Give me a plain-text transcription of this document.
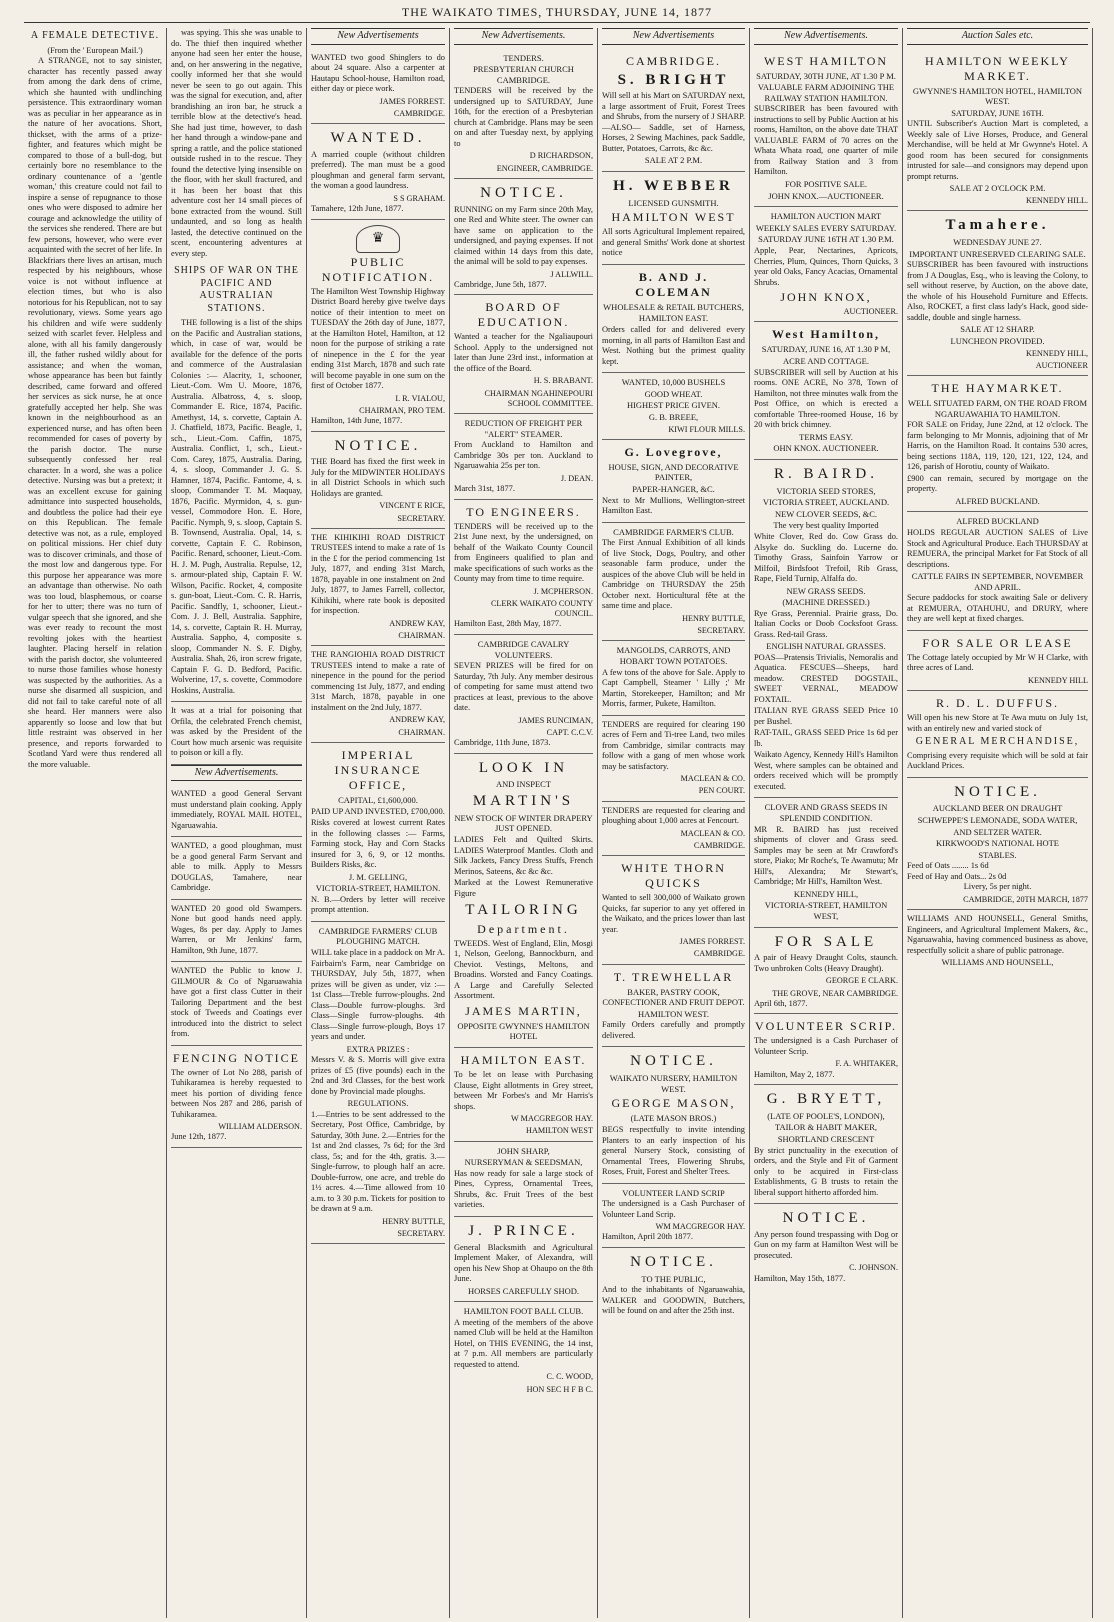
THE WAIKATO TIMES, THURSDAY, JUNE 14, 1877
A FEMALE DETECTIVE.
(From the ' European Mail.')

A STRANGE, not to say sinister, character has recently passed away from among the dark dens of crime, which she haunted with undlinching persistence. This extraordinary woman was as peculiar in her appearance as in the nature of her avocations. Short, thickset, with the arms of a prize-fighter, and features which might be compared to those of a bull-dog, but certainly bore no resemblance to the ordinary countenance of a 'gentle woman,' this creature could not fail to inspire a sense of repugnance to those ones who were disposed to admire her courage and acknowledge the utility of the services she rendered. There are but few persons, however, who were ever acquainted with the secret of her life. In Blackfriars there lives an artisan, much respected by his neighbours, whose voice is not without influence at election times, but who is also notorious for his Republican, not to say revolutionary, views. Some years ago his children and wife were suddenly seized with scarlet fever. Helpless and alone, with all his family dangerously ill, the father rushed wildly about for assistance; and when the woman, whose appearance has been but faintly described, came forward and offered her services as sick nurse, he at once gratefully accepted her help. She was known in the neighbourhood as an experienced nurse, and has often been recommended for cases of poverty by the parish doctor. The nurse subsequently confessed her real character. In a word, she was a police detective. Nursing was but a pretext; it was an excellent excuse for gaining admittance into suspected households, and doubtless the police had their eye on this Republican. The female detective was not, as a rule, employed on political missions. Her chief duty was to discover criminals, and those of the most low and dangerous type. For this purpose her appearance was more an advantage than otherwise. No oath was too loud, blasphemous, or coarse for her to utter; there was no turn of vulgar speech that she ignored, and she was ever ready to recount the most revolting jokes with the heartiest laughter. Placing herself in relation with the parish doctor, she volunteered to nurse those families whose honesty was suspected by the authorities. As a nurse she disarmed all suspicion, and did not fail to take careful note of all she heard. Her manners were also apparently so loose and low that but little restraint was observed in her presence, and reports forwarded to Scotland Yard were thus rendered all the more valuable.

was spying. This she was unable to do. The thief then inquired whether anyone had seen her enter the house, and, on her answering in the negative, coolly informed her that she would never be seen to go out again. This was the signal for execution, and, after brandishing an iron bar, he struck a terrible blow at the detective's head. She had just time, however, to dash her hand through a window-pane and spring a rattle, and the police stationed outside rushed in to the rescue. They found the detective lying insensible on the floor, with her skull fractured, and it has been her boast that this adventure cost her 14 small pieces of bone extracted from the wound. Still undaunted, and so long as health lasted, the detective continued on the scent, encountering adventures at every step.

SHIPS OF WAR ON THE PACIFIC AND AUSTRALIAN STATIONS.

THE following is a list of the ships on the Pacific and Australian stations, which, in case of war, would be available for the defence of the ports and commerce of the Australasian Colonies :— Alacrity, 1, schooner, Lieut.-Com. Wm U. Moore, 1876, Australia. Albatross, 4, s. sloop, Commander E. Rice, 1874, Pacific. Amethyst, 14, s. corvette, Captain A. J. Chatfield, 1873, Pacific. Beagle, 1, sch., Lieut.-Com. Caffin, 1875, Australia. Conflict, 1, sch., Lieut.-Com. Carey, 1875, Australia. Daring, 4, s. sloop, Commander J. G. S. Hamner, 1874, Pacific. Fantome, 4, s. sloop, Commander T. M. Maquay, 1876, Pacific. Myrmidon, 4, s. gun-vessel, Commodore Hon. E. Hore, Pacific. Nymph, 9, s. sloop, Captain S. B. Townsend, Australia. Opal, 14, s. corvette, Captain F. C. Robinson, Pacific. Renard, schooner, Lieut.-Com. H. J. M. Pugh, Australia. Repulse, 12, s. armour-plated ship, Captain F. W. Wilson, Pacific. Rocket, 4, composite s. gun-boat, Lieut.-Com. C. R. Harris, Pacific. Sandfly, 1, schooner, Lieut.-Com. J. J. Bell, Australia. Sapphire, 14, s. corvette, Captain R. H. Murray, Australia. Sappho, 4, composite s. sloop, Commander N. S. F. Digby, Australia. Shah, 26, iron screw frigate, Captain F. G. D. Bedford, Pacific. Wolverine, 17, s. covette, Commodore Hoskins, Australia.

It was at a trial for poisoning that Orfila, the celebrated French chemist, was asked by the President of the Court how much arsenic was requisite to poison or kill a fly.

New Advertisements.

WANTED a good General Servant must understand plain cooking. Apply immediately, ROYAL MAIL HOTEL, Ngaruawahia.

WANTED, a good ploughman, must be a good general Farm Servant and able to milk. Apply to Messrs DOUGLAS, Tamahere, near Cambridge.

WANTED 20 good old Swampers. None but good hands need apply. Wages, 8s per day. Apply to James Warren, or Mr Jenkins' farm, Hamilton, 9th June, 1877.

WANTED the Public to know J. GILMOUR & Co of Ngaruawahia have got a first class Cutter in their Tailoring Department and the best stock of Tweeds and Coatings ever introduced into the district to select from.

FENCING NOTICE

The owner of Lot No 288, parish of Tuhikaramea is hereby requested to meet his portion of dividing fence between Nos 287 and 286, parish of Tuhikaramea.

WILLIAM ALDERSON.
June 12th, 1877.
New Advertisements

WANTED two good Shinglers to do about 24 square. Also a carpenter at Hautapu School-house, Hamilton road, either day or piece work.

JAMES FORREST.
CAMBRIDGE.
WANTED.

A married couple (without children preferred). The man must be a good ploughman and general farm servant, the woman a good laundress.

S S GRAHAM.
Tamahere, 12th June, 1877.
♛
PUBLIC NOTIFICATION.

The Hamilton West Township Highway District Board hereby give twelve days notice of their intention to meet on TUESDAY the 26th day of June, 1877, at the Hamilton Hotel, Hamilton, at 12 noon for the purpose of striking a rate of ninepence in the £ for the year ending 31st March, 1878 and such rate will become payable in one sum on the first of October 1877.

I. R. VIALOU,
CHAIRMAN, PRO TEM.
Hamilton, 14th June, 1877.
NOTICE.

THE Board has fixed the first week in July for the MIDWINTER HOLIDAYS in all District Schools in which such Holidays are granted.

VINCENT E RICE,
SECRETARY.

THE KIHIKIHI ROAD DISTRICT TRUSTEES intend to make a rate of 1s in the £ for the period commencing 1st July, 1877, and ending 31st March, 1878, payable in one instalment on 2nd July, 1877, to James Farrell, collector, Kihikihi, where rate book is deposited for inspection.

ANDREW KAY,
CHAIRMAN.

THE RANGIOHIA ROAD DISTRICT TRUSTEES intend to make a rate of ninepence in the pound for the period commencing 1st July, 1877, and ending 31st March, 1878, payable in one instalment on the 2nd July, 1877.

ANDREW KAY,
CHAIRMAN.
IMPERIAL INSURANCE OFFICE,
CAPITAL, £1,600,000.
PAID UP AND INVESTED, £700,000.

Risks covered at lowest current Rates in the following classes :— Farms, Farming stock, Hay and Corn Stacks insured for 3, 6, 9, or 12 months. Builders Risks, &c.

J. M. GELLING,
VICTORIA-STREET, HAMILTON.

N. B.—Orders by letter will receive prompt attention.

CAMBRIDGE FARMERS' CLUB PLOUGHING MATCH.

WILL take place in a paddock on Mr A. Fairbairn's Farm, near Cambridge on THURSDAY, July 5th, 1877, when prizes will be given as under, viz :— 1st Class—Treble furrow-ploughs. 2nd Class—Double furrow-ploughs. 3rd Class—Single furrow-ploughs. 4th Class—Single furrow-plough, Boys 17 years and under.

EXTRA PRIZES :

Messrs V. & S. Morris will give extra prizes of £5 (five pounds) each in the 2nd and 3rd Classes, for the best work done by Provincial made ploughs.

REGULATIONS.

1.—Entries to be sent addressed to the Secretary, Post Office, Cambridge, by Saturday, 30th June. 2.—Entries for the 1st and 2nd classes, 7s 6d; for the 3rd class, 5s; and for the 4th, gratis. 3.—Single-furrow, to plough half an acre. Double-furrow, one acre, and treble do 1½ acres. 4.—Time allowed from 10 a.m. to 3 30 p.m. Tickets for position to be drawn at 9 a.m.

HENRY BUTTLE,
SECRETARY.
New Advertisements.
TENDERS.
PRESBYTERIAN CHURCH CAMBRIDGE.

TENDERS will be received by the undersigned up to SATURDAY, June 16th, for the erection of a Presbyterian church at Cambridge. Plans may be seen on and after Tuesday next, by applying to

D RICHARDSON,
ENGINEER, CAMBRIDGE.
NOTICE.

RUNNING on my Farm since 20th May, one Red and White steer. The owner can have same on application to the undersigned, and paying expenses. If not claimed within 14 days from this date, the animal will be sold to pay expenses.

J ALLWILL.
Cambridge, June 5th, 1877.
BOARD OF EDUCATION.

Wanted a teacher for the Ngaliaupouri School. Apply to the undersigned not later than June 23rd inst., information at the office of the Board.

H. S. BRABANT.
CHAIRMAN NGAHINEPOURI SCHOOL COMMITTEE.
REDUCTION OF FREIGHT PER "ALERT" STEAMER.

From Auckland to Hamilton and Cambridge 30s per ton. Auckland to Ngaruawahia 25s per ton.

J. DEAN.
March 31st, 1877.
TO ENGINEERS.

TENDERS will be received up to the 21st June next, by the undersigned, on behalf of the Waikato County Council from Engineers qualified to plan and make specifications of such works as the County may from time to time require.

J. MCPHERSON.
CLERK WAIKATO COUNTY COUNCIL.
Hamilton East, 28th May, 1877.
CAMBRIDGE CAVALRY VOLUNTEERS.

SEVEN PRIZES will be fired for on Saturday, 7th July. Any member desirous of competing for same must attend two practices at least, previous to the above date.

JAMES RUNCIMAN,
CAPT. C.C.V.
Cambridge, 11th June, 1873.
LOOK IN
AND INSPECT
MARTIN'S
NEW STOCK OF WINTER DRAPERY JUST OPENED.

LADIES Felt and Quilted Skirts. LADIES Waterproof Mantles. Cloth and Silk Jackets, Fancy Dress Stuffs, French Merinos, Sateens, &c &c &c.

Marked at the Lowest Remunerative Figure

TAILORING
Department.

TWEEDS. West of England, Elin, Mosgi 1, Nelson, Geelong, Bannockburn, and Cheviot. Vestings, Meltons, and Broadins. Worsted and Fancy Coatings. A Large and Carefully Selected Assortment.

JAMES MARTIN,
OPPOSITE GWYNNE'S HAMILTON HOTEL
HAMILTON EAST.

To be let on lease with Purchasing Clause, Eight allotments in Grey street, between Mr Forbes's and Mr Harris's shops.

W MACGREGOR HAY.
HAMILTON WEST
JOHN SHARP,
NURSERYMAN & SEEDSMAN,

Has now ready for sale a large stock of Pines, Cypress, Ornamental Trees, Shrubs, &c. Fruit Trees of the best varieties.

J. PRINCE.

General Blacksmith and Agricultural Implement Maker, of Alexandra, will open his New Shop at Ohaupo on the 8th June.

HORSES CAREFULLY SHOD.
HAMILTON FOOT BALL CLUB.

A meeting of the members of the above named Club will be held at the Hamilton Hotel, on THIS EVENING, the 14 inst, at 7 p.m. All members are particularly requested to attend.

C. C. WOOD,
HON SEC H F B C.
New Advertisements
CAMBRIDGE.
S. BRIGHT

Will sell at his Mart on SATURDAY next, a large assortment of Fruit, Forest Trees and Shrubs, from the nursery of J SHARP. —ALSO— Saddle, set of Harness, Horses, 2 Sewing Machines, pack Saddle, Butter, Potatoes, Carrots, &c &c.

SALE AT 2 P.M.
H. WEBBER
LICENSED GUNSMITH.
HAMILTON WEST

All sorts Agricultural Implement repaired, and general Smiths' Work done at shortest notice

B. AND J. COLEMAN
WHOLESALE & RETAIL BUTCHERS,
HAMILTON EAST.

Orders called for and delivered every morning, in all parts of Hamilton East and West. Nothing but the primest quality kept.

WANTED, 10,000 BUSHELS
GOOD WHEAT.
HIGHEST PRICE GIVEN.
G. B. BREEE,
KIWI FLOUR MILLS.
G. Lovegrove,
HOUSE, SIGN, AND DECORATIVE PAINTER,
PAPER-HANGER, &C.

Next to Mr Mullions, Wellington-street Hamilton East.

CAMBRIDGE FARMER'S CLUB.

The First Annual Exhibition of all kinds of live Stock, Dogs, Poultry, and other seasonable farm produce, under the auspices of the above Club will be held in Cambridge on THURSDAY the 25th October next. Horticultural fête at the same time and place.

HENRY BUTTLE,
SECRETARY.
MANGOLDS, CARROTS, AND HOBART TOWN POTATOES.

A few tons of the above for Sale. Apply to Capt Campbell, Steamer ' Lilly ;' Mr Martin, Storekeeper, Hamilton; and Mr Morris, farmer, Pukete, Hamilton.

TENDERS are required for clearing 190 acres of Fern and Ti-tree Land, two miles from Cambridge, similar contracts may follow with a gang of men whose work may be satisfactory.

MACLEAN & CO.
PEN COURT.

TENDERS are requested for clearing and ploughing about 1,000 acres at Fencourt.

MACLEAN & CO.
CAMBRIDGE.
WHITE THORN QUICKS

Wanted to sell 300,000 of Waikato grown Quicks, far superior to any yet offered in the Waikato, and the prices lower than last year.

JAMES FORREST.
CAMBRIDGE.
T. TREWHELLAR
BAKER, PASTRY COOK, CONFECTIONER AND FRUIT DEPOT.
HAMILTON WEST.

Family Orders carefully and promptly delivered.

NOTICE.
WAIKATO NURSERY, HAMILTON WEST.
GEORGE MASON,
(LATE MASON BROS.)

BEGS respectfully to invite intending Planters to an early inspection of his general Nursery Stock, consisting of Ornamental Trees, Flowering Shrubs, Roses, Fruit, Forest and Shelter Trees.

VOLUNTEER LAND SCRIP

The undersigned is a Cash Purchaser of Volunteer Land Scrip.

WM MACGREGOR HAY.
Hamilton, April 20th 1877.
NOTICE.
TO THE PUBLIC,

And to the inhabitants of Ngaruawahia, WALKER and GOODWIN, Butchers, will be found on and after the 25th inst.

New Advertisements.
WEST HAMILTON
SATURDAY, 30TH JUNE, AT 1.30 P M.
VALUABLE FARM ADJOINING THE RAILWAY STATION HAMILTON.

SUBSCRIBER has been favoured with instructions to sell by Public Auction at his rooms, Hamilton, on the above date THAT VALUABLE FARM of 70 acres on the Whata Whata road, one quarter of mile from Railway Station and 3 from Hamilton.

FOR POSITIVE SALE.
JOHN KNOX.—AUCTIONEER.
HAMILTON AUCTION MART
WEEKLY SALES EVERY SATURDAY.
SATURDAY JUNE 16TH AT 1.30 P.M.

Apple, Pear, Nectarines, Apricots, Cherries, Plum, Quinces, Thorn Quicks, 3 year old Oaks, Fancy Acacias, Ornamental Shrubs.

JOHN KNOX,
AUCTIONEER.
West Hamilton,
SATURDAY, JUNE 16, AT 1.30 P M,
ACRE AND COTTAGE.

SUBSCRIBER will sell by Auction at his rooms. ONE ACRE, No 378, Town of Hamilton, not three minutes walk from the Post Office, on which is erected a comfortable Three-roomed House, 16 by 20 with brick chimney.

TERMS EASY.
OHN KNOX. AUCTIONEER.
R. BAIRD.
VICTORIA SEED STORES,
VICTORIA STREET, AUCKLAND.
NEW CLOVER SEEDS, &C.
The very best quality Imported

White Clover, Red do. Cow Grass do. Alsyke do. Suckling do. Lucerne do. Timothy Grass, Sainfoin Yarrow or Milfoil, Birdsfoot Trefoil, Rib Grass, Rape, Field Turnip, Alfalfa do.

NEW GRASS SEEDS.
(MACHINE DRESSED.)

Rye Grass, Perennial. Prairie grass, Do. Italian Cocks or Doob Cocksfoot Grass. Grass. Red-tail Grass.

ENGLISH NATURAL GRASSES.

POAS—Pratensis Trivialis, Nemoralis and Aquatica. FESCUES—Sheeps, hard meadow. CRESTED DOGSTAIL, SWEET VERNAL, MEADOW FOXTAIL.

ITALIAN RYE GRASS SEED Price 10 per Bushel.

RAT-TAIL, GRASS SEED Price 1s 6d per lb.

Waikato Agency, Kennedy Hill's Hamilton West, where samples can be obtained and orders received which will be promptly executed.

CLOVER AND GRASS SEEDS IN SPLENDID CONDITION.

MR R. BAIRD has just received shipments of clover and Grass seed. Samples may be seen at Mr Crawford's store, Piako; Mr Roche's, Te Awamutu; Mr Hill's, Alexandra; Mr Stewart's, Cambridge; Mr Hill's, Hamilton West.

KENNEDY HILL,
VICTORIA-STREET, HAMILTON WEST,
FOR SALE

A pair of Heavy Draught Colts, staunch. Two unbroken Colts (Heavy Draught).

GEORGE E CLARK.
THE GROVE, NEAR CAMBRIDGE.
April 6th, 1877.
VOLUNTEER SCRIP.

The undersigned is a Cash Purchaser of Volunteer Scrip.

F. A. WHITAKER,
Hamilton, May 2, 1877.
G. BRYETT,
(LATE OF POOLE'S, LONDON),
TAILOR & HABIT MAKER,
SHORTLAND CRESCENT

By strict punctuality in the execution of orders, and the Style and Fit of Garment only to be acquired in First-class Establishments, G B trusts to retain the liberal support hitherto afforded him.

NOTICE.

Any person found trespassing with Dog or Gun on my farm at Hamilton West will be prosecuted.

C. JOHNSON.
Hamilton, May 15th, 1877.
Auction Sales etc.
HAMILTON WEEKLY MARKET.
GWYNNE'S HAMILTON HOTEL, HAMILTON WEST.
SATURDAY, JUNE 16TH.

UNTIL Subscriber's Auction Mart is completed, a Weekly sale of Live Horses, Produce, and General Merchandise, will be held at Mr Gwynne's Hotel. A good room has been secured for consignments intrusted for sale—and consignors may depend upon prompt returns.

SALE AT 2 O'CLOCK P.M.
KENNEDY HILL.
Tamahere.
WEDNESDAY JUNE 27.
IMPORTANT UNRESERVED CLEARING SALE.

SUBSCRIBER has been favoured with instructions from J A Douglas, Esq., who is leaving the Colony, to sell without reserve, by Auction, on the above date, the whole of his Household Furniture and Effects. Also, ROCKET, a first class lady's Hack, good side-saddle, double and single harness.

SALE AT 12 SHARP.
LUNCHEON PROVIDED.
KENNEDY HILL,
AUCTIONEER
THE HAYMARKET.
WELL SITUATED FARM, ON THE ROAD FROM NGARUAWAHIA TO HAMILTON.

FOR SALE on Friday, June 22nd, at 12 o'clock. The farm belonging to Mr Monnis, adjoining that of Mr Harris, on the Hamilton Road. It contains 530 acres, being sections 118A, 119, 120, 121, 122, 124, and 126, parish of Horotiu, county of Waikato.

£900 can remain, secured by mortgage on the property.

ALFRED BUCKLAND.
ALFRED BUCKLAND

HOLDS REGULAR AUCTION SALES of Live Stock and Agricultural Produce. Each THURSDAY at REMUERA, the principal Market for Fat Stock of all descriptions.

CATTLE FAIRS IN SEPTEMBER, NOVEMBER AND APRIL.

Secure paddocks for stock awaiting Sale or delivery at REMUERA, OTAHUHU, and DRURY, where they are well kept at fixed charges.

FOR SALE OR LEASE

The Cottage lately occupied by Mr W H Clarke, with three acres of Land.

KENNEDY HILL
R. D. L. DUFFUS.

Will open his new Store at Te Awa mutu on July 1st, with an entirely new and varied stock of

GENERAL MERCHANDISE,

Comprising every requisite which will be sold at fair Auckland Prices.

NOTICE.
AUCKLAND BEER ON DRAUGHT
SCHWEPPE'S LEMONADE, SODA WATER,
AND SELTZER WATER.
KIRKWOOD'S NATIONAL HOTE
STABLES.
Feed of Oats ........ 1s 6d
Feed of Hay and Oats... 2s 0d
Livery, 5s per night.
CAMBRIDGE, 20TH MARCH, 1877

WILLIAMS AND HOUNSELL, General Smiths, Engineers, and Agricultural Implement Makers, &c., Ngaruawahia, having commenced business as above, respectfully solicit a share of public patronage.

WILLIAMS AND HOUNSELL,
